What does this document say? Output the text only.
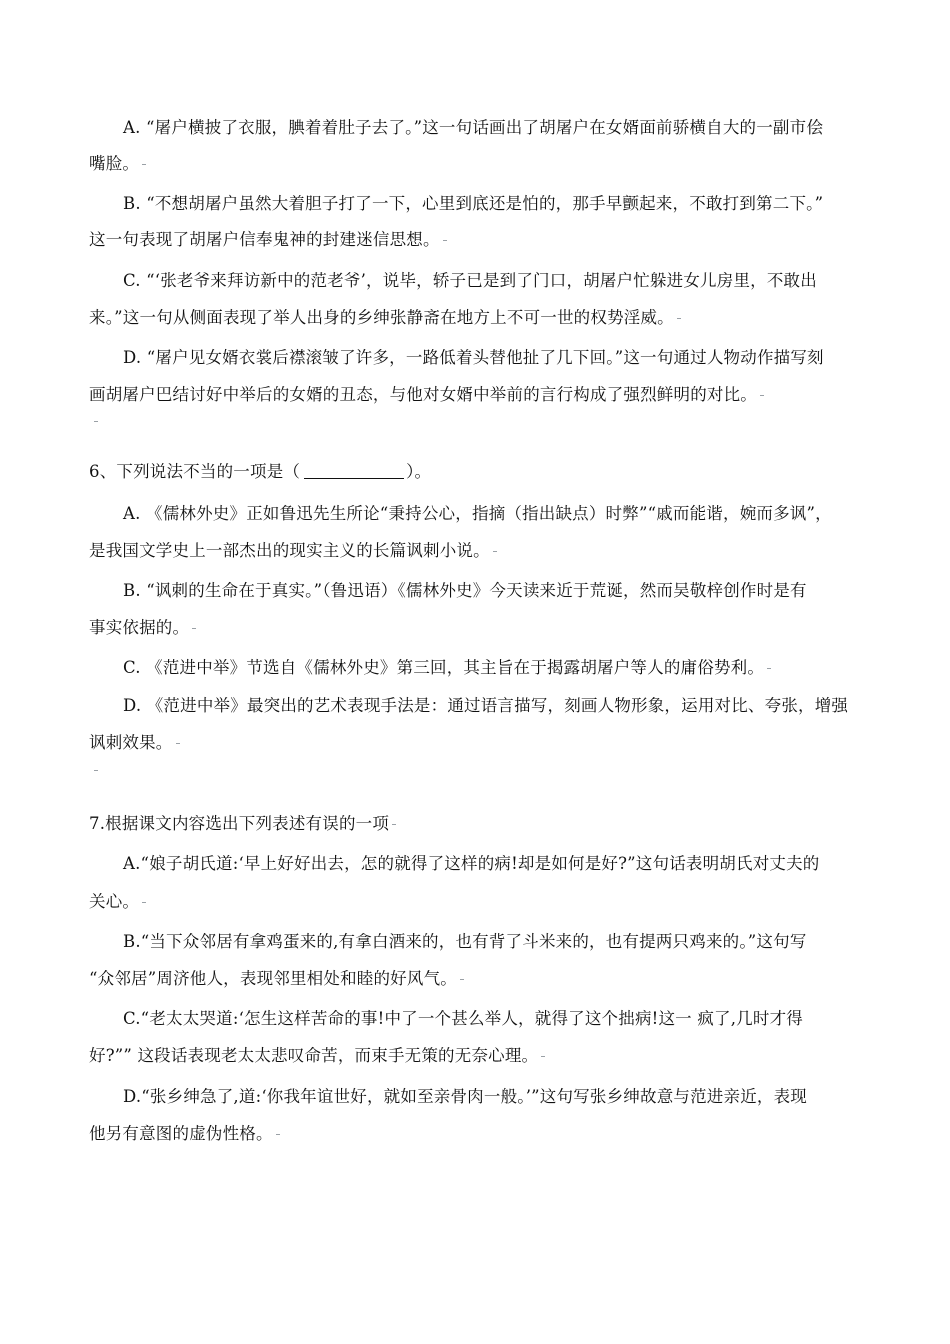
A. “屠户横披了衣服，腆着着肚子去了。”这一句话画出了胡屠户在女婿面前骄横自大的一副市侩
嘴脸。
B. “不想胡屠户虽然大着胆子打了一下，心里到底还是怕的，那手早颤起来，不敢打到第二下。”
这一句表现了胡屠户信奉鬼神的封建迷信思想。
C. “‘张老爷来拜访新中的范老爷’，说毕，轿子已是到了门口，胡屠户忙躲进女儿房里，不敢出
来。”这一句从侧面表现了举人出身的乡绅张静斋在地方上不可一世的权势淫威。
D. “屠户见女婿衣裳后襟滚皱了许多，一路低着头替他扯了几下回。”这一句通过人物动作描写刻
画胡屠户巴结讨好中举后的女婿的丑态，与他对女婿中举前的言行构成了强烈鲜明的对比。
6、下列说法不当的一项是（	）。
A. 《儒林外史》正如鲁迅先生所论“秉持公心，指摘（指出缺点）时弊”“戚而能谐，婉而多讽”，
是我国文学史上一部杰出的现实主义的长篇讽刺小说。
B. “讽刺的生命在于真实。”（鲁迅语）《儒林外史》今天读来近于荒诞，然而吴敬梓创作时是有
事实依据的。
C. 《范进中举》节选自《儒林外史》第三回，其主旨在于揭露胡屠户等人的庸俗势利。
D. 《范进中举》最突出的艺术表现手法是：通过语言描写，刻画人物形象，运用对比、夸张，增强
讽刺效果。
7.根据课文内容选出下列表述有误的一项
A.“娘子胡氏道:‘早上好好出去，怎的就得了这样的病!却是如何是好?”这句话表明胡氏对丈夫的
关心。
B.“当下众邻居有拿鸡蛋来的,有拿白酒来的，也有背了斗米来的，也有提两只鸡来的。”这句写
“众邻居”周济他人，表现邻里相处和睦的好风气。
C.“老太太哭道:‘怎生这样苦命的事!中了一个甚么举人，就得了这个拙病!这一 疯了,几时才得
好?”” 这段话表现老太太悲叹命苦，而束手无策的无奈心理。
D.“张乡绅急了,道:‘你我年谊世好，就如至亲骨肉一般。’”这句写张乡绅故意与范进亲近，表现
他另有意图的虚伪性格。
